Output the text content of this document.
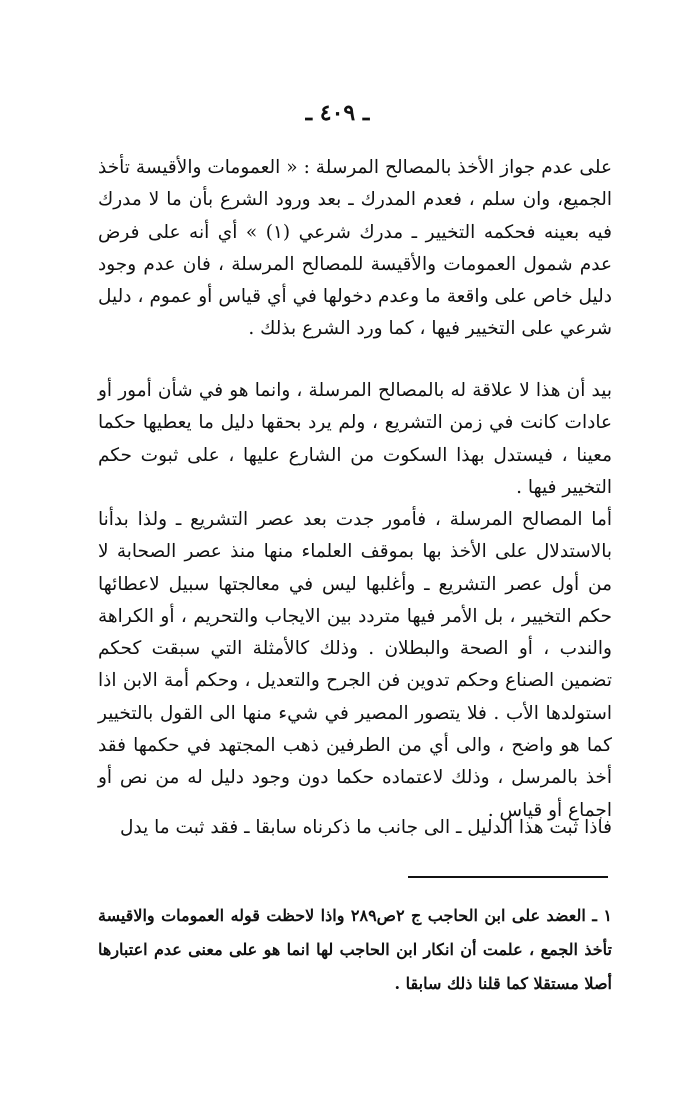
ـ ٤٠٩ ـ

على عدم جواز الأخذ بالمصالح المرسلة : « العمومات والأقيسة تأخذ الجميع، وان سلم ، فعدم المدرك ـ بعد ورود الشرع بأن ما لا مدرك فيه بعينه فحكمه التخيير ـ مدرك شرعي (١) » أي أنه على فرض عدم شمول العمومات والأقيسة للمصالح المرسلة ، فان عدم وجود دليل خاص على واقعة ما وعدم دخولها في أي قياس أو عموم ، دليل شرعي على التخيير فيها ، كما ورد الشرع بذلك .

بيد أن هذا لا علاقة له بالمصالح المرسلة ، وانما هو في شأن أمور أو عادات كانت في زمن التشريع ، ولم يرد بحقها دليل ما يعطيها حكما معينا ، فيستدل بهذا السكوت من الشارع عليها ، على ثبوت حكم التخيير فيها .

أما المصالح المرسلة ، فأمور جدت بعد عصر التشريع ـ ولذا بدأنا بالاستدلال على الأخذ بها بموقف العلماء منها منذ عصر الصحابة لا من أول عصر التشريع ـ وأغلبها ليس في معالجتها سبيل لاعطائها حكم التخيير ، بل الأمر فيها متردد بين الايجاب والتحريم ، أو الكراهة والندب ، أو الصحة والبطلان . وذلك كالأمثلة التي سبقت كحكم تضمين الصناع وحكم تدوين فن الجرح والتعديل ، وحكم أمة الابن اذا استولدها الأب . فلا يتصور المصير في شيء منها الى القول بالتخيير كما هو واضح ، والى أي من الطرفين ذهب المجتهد في حكمها فقد أخذ بالمرسل ، وذلك لاعتماده حكما دون وجود دليل له من نص أو اجماع أو قياس .

فاذا ثبت هذا الدليل ـ الى جانب ما ذكرناه سابقا ـ فقد ثبت ما يدل

١ ـ العضد على ابن الحاجب ج ٢ص٢٨٩ واذا لاحظت قوله العمومات والاقيسة تأخذ الجمع ، علمت أن انكار ابن الحاجب لها انما هو على معنى عدم اعتبارها أصلا مستقلا كما قلنا ذلك سابقا .
